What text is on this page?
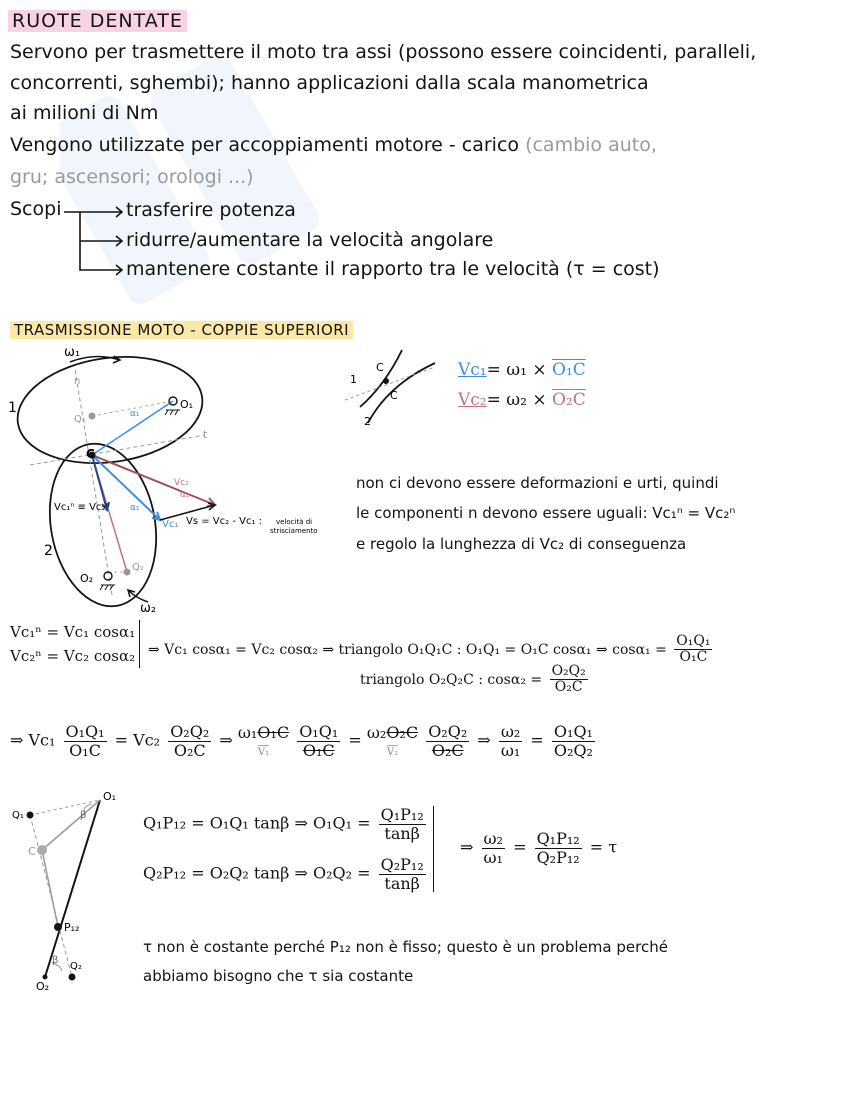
RUOTE DENTATE
Servono per trasmettere il moto tra assi (possono essere coincidenti, paralleli,
concorrenti, sghembi); hanno applicazioni dalla scala manometrica
ai milioni di Nm
Vengono utilizzate per accoppiamenti motore - carico (cambio auto,
gru; ascensori; orologi ...)
Scopi	trasferire potenza
ridurre/aumentare la velocità angolare
mantenere costante il rapporto tra le velocità (τ = cost)
TRASMISSIONE MOTO - COPPIE SUPERIORI
ω₁
ω₂
1
2
n
t
Q₁
Q₂
O₁
O₂
C
α₁
α₂
α₁
Vc₂
Vc₁
Vc₁ⁿ ≡ Vc₂ⁿ
Vs = Vc₂ - Vc₁ : velocità di
strisciamento
1
2
C
C
Vc₁= ω₁ × O₁C
Vc₂= ω₂ × O₂C
non ci devono essere deformazioni e urti, quindi
le componenti n devono essere uguali: Vc₁ⁿ = Vc₂ⁿ
e regolo la lunghezza di Vc₂ di conseguenza
Vc₁ⁿ = Vc₁ cosα₁
Vc₂ⁿ = Vc₂ cosα₂ ⇒ Vc₁ cosα₁ = Vc₂ cosα₂ ⇒ triangolo O₁Q₁C : O₁Q₁ = O₁C cosα₁ ⇒ $\cos\alpha_1 = \frac{\text{O₁Q₁}}{\text{O₁C}}$
triangolo O₂Q₂C : $\cos\alpha_2 = \frac{\text{O₂Q₂}}{\text{O₂C}}$
⇒ $Vc_1 \frac{\text{O₁Q₁}}{\text{O₁C}} = Vc_2 \frac{\text{O₂Q₂}}{\text{O₂C}}$ ⇒ ω₁O₁C
V₁
$\frac{\text{O₁Q₁}}{\text{O₁C}} = \omega_2O_2C$
V₂
$\frac{\text{O₂Q₂}}{\text{O₂C}}$ ⇒ $\frac{\text{ω₂}}{\text{ω₁}} = \frac{\text{O₁Q₁}}{\text{O₂Q₂}}$
O₁
O₂
Q₁
Q₂
C
P₁₂
β
β
Q₁P₁₂ = O₁Q₁ tanβ ⇒ $O_1Q_1 = \frac{\text{Q₁P₁₂}}{\tan\beta}$
Q₂P₁₂ = O₂Q₂ tanβ ⇒ $O_2Q_2 = \frac{\text{Q₂P₁₂}}{\tan\beta}$
⇒ $\frac{\text{ω₂}}{\text{ω₁}} = \frac{\text{Q₁P₁₂}}{\text{Q₂P₁₂}} = \tau$
τ non è costante perché P₁₂ non è fisso; questo è un problema perché
abbiamo bisogno che τ sia costante
